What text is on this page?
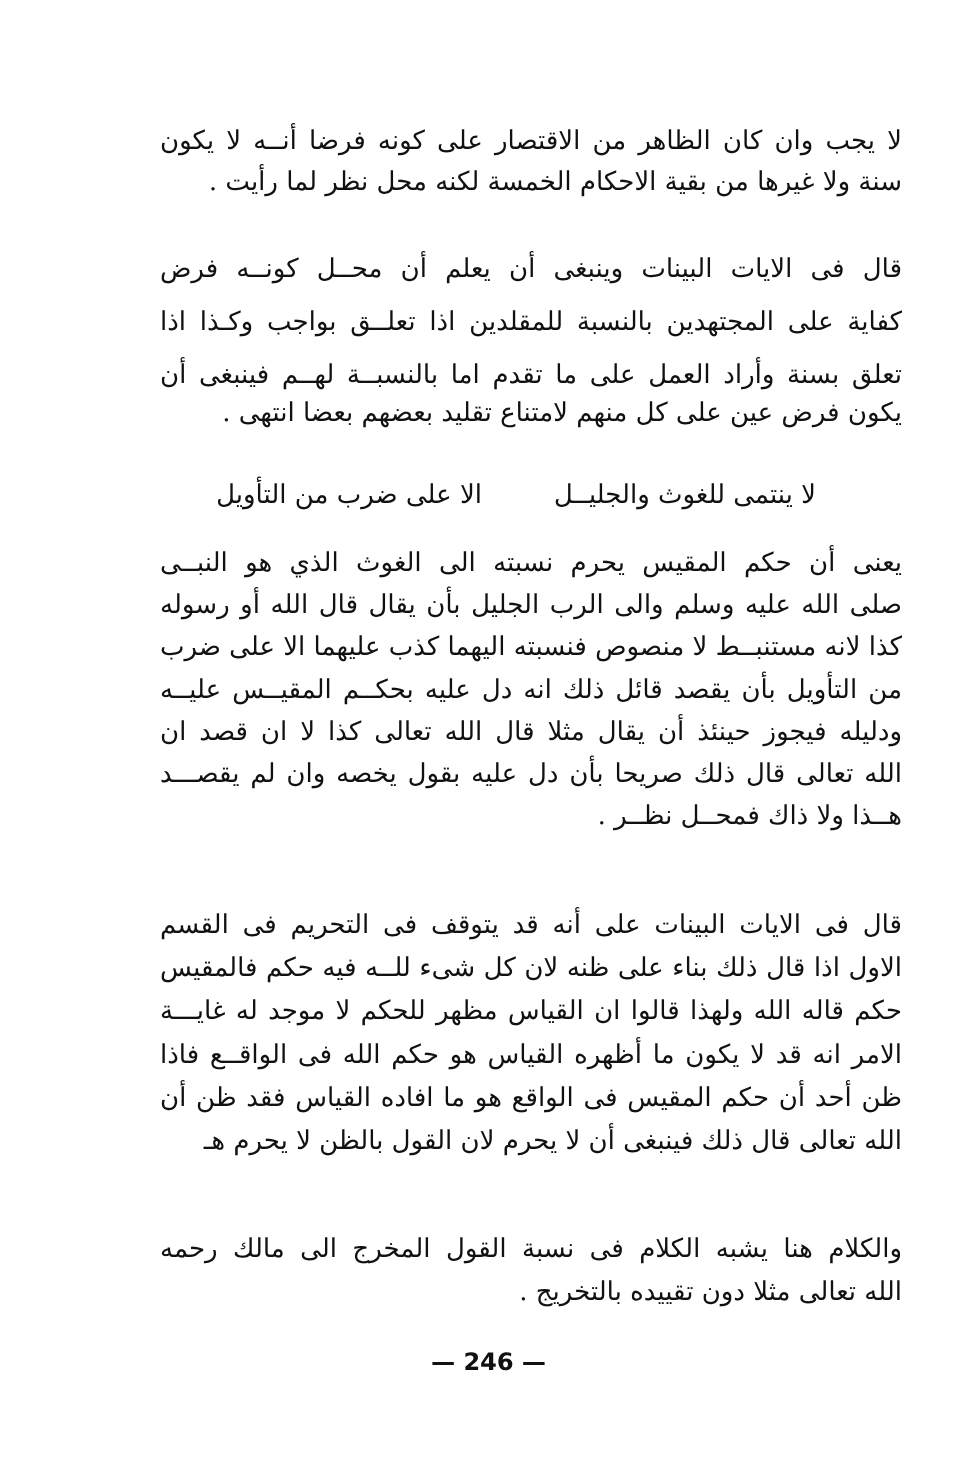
لا يجب وان كان الظاهر من الاقتصار على كونه فرضا أنــه لا يكون
سنة ولا غيرها من بقية الاحكام الخمسة لكنه محل نظر لما رأيت .
قال فى الايات البينات وينبغى أن يعلم أن محــل كونــه فرض
كفاية على المجتهدين بالنسبة للمقلدين اذا تعلــق بواجب وكـذا اذا
تعلق بسنة وأراد العمل على ما تقدم اما بالنسبــة لهــم فينبغى أن
يكون فرض عين على كل منهم لامتناع تقليد بعضهم بعضا انتهى .
لا ينتمى للغوث والجليــل
الا على ضرب من التأويل
يعنى أن حكم المقيس يحرم نسبته الى الغوث الذي هو النبــى
صلى الله عليه وسلم والى الرب الجليل بأن يقال قال الله أو رسوله
كذا لانه مستنبــط لا منصوص فنسبته اليهما كذب عليهما الا على ضرب
من التأويل بأن يقصد قائل ذلك انه دل عليه بحكــم المقيــس عليــه
ودليله فيجوز حينئذ أن يقال مثلا قال الله تعالى كذا لا ان قصد ان
الله تعالى قال ذلك صريحا بأن دل عليه بقول يخصه وان لم يقصـــد
هــذا ولا ذاك فمحــل نظــر .
قال فى الايات البينات على أنه قد يتوقف فى التحريم فى القسم
الاول اذا قال ذلك بناء على ظنه لان كل شىء للــه فيه حكم فالمقيس
حكم قاله الله ولهذا قالوا ان القياس مظهر للحكم لا موجد له غايـــة
الامر انه قد لا يكون ما أظهره القياس هو حكم الله فى الواقــع فاذا
ظن أحد أن حكم المقيس فى الواقع هو ما افاده القياس فقد ظن أن
الله تعالى قال ذلك فينبغى أن لا يحرم لان القول بالظن لا يحرم هـ
والكلام هنا يشبه الكلام فى نسبة القول المخرج الى مالك رحمه
الله تعالى مثلا دون تقييده بالتخريج .
— 246 —
